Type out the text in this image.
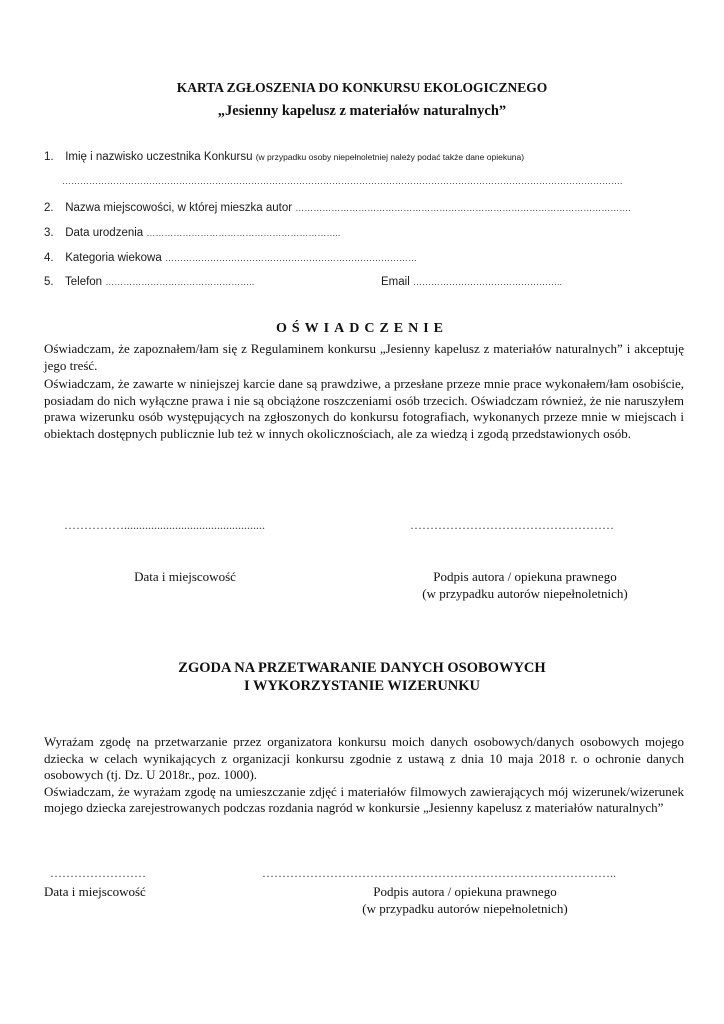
KARTA ZGŁOSZENIA DO KONKURSU EKOLOGICZNEGO
„Jesienny kapelusz z materiałów naturalnych”
1. Imię i nazwisko uczestnika Konkursu (w przypadku osoby niepełnoletniej należy podać także dane opiekuna)
…………………………………………………………………………………………………………………………………………………………………….
2. Nazwa miejscowości, w której mieszka autor ………………………………………………………………………………………………….
3. Data urodzenia ………………………………………………………..
4. Kategoria wiekowa …………………………………………………………………………
5. Telefon …………………………………………..	Email …………………………………………..
OŚWIADCZENIE

Oświadczam, że zapoznałem/łam się z Regulaminem konkursu „Jesienny kapelusz z materiałów naturalnych” i akceptuję jego treść.

Oświadczam, że zawarte w niniejszej karcie dane są prawdziwe, a przesłane przeze mnie prace wykonałem/łam osobiście, posiadam do nich wyłączne prawa i nie są obciążone roszczeniami osób trzecich. Oświadczam również, że nie naruszyłem prawa wizerunku osób występujących na zgłoszonych do konkursu fotografiach, wykonanych przeze mnie w miejscach i obiektach dostępnych publicznie lub też w innych okolicznościach, ale za wiedzą i zgodą przedstawionych osób.

……………...............................................	……………………………………………
Data i miejscowość	Podpis autora / opiekuna prawnego
(w przypadku autorów niepełnoletnich)
ZGODA NA PRZETWARANIE DANYCH OSOBOWYCH
I WYKORZYSTANIE WIZERUNKU

Wyrażam zgodę na przetwarzanie przez organizatora konkursu moich danych osobowych/danych osobowych mojego dziecka w celach wynikających z organizacji konkursu zgodnie z ustawą z dnia 10 maja 2018 r. o ochronie danych osobowych (tj. Dz. U 2018r., poz. 1000).

Oświadczam, że wyrażam zgodę na umieszczanie zdjęć i materiałów filmowych zawierających mój wizerunek/wizerunek mojego dziecka zarejestrowanych podczas rozdania nagród w konkursie „Jesienny kapelusz z materiałów naturalnych”

……………………	……………………………………………………………………………..
Data i miejscowość	Podpis autora / opiekuna prawnego
(w przypadku autorów niepełnoletnich)
